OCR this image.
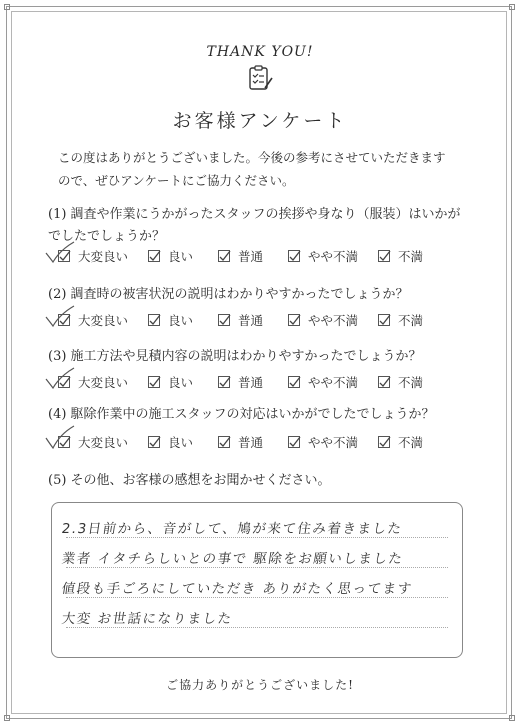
THANK YOU!
お客様アンケート
この度はありがとうございました。今後の参考にさせていただきます
ので、ぜひアンケートにご協力ください。
(1) 調査や作業にうかがったスタッフの挨拶や身なり（服装）はいかが
でしたでしょうか？
大変良い	良い	普通	やや不満	不満
(2) 調査時の被害状況の説明はわかりやすかったでしょうか？
大変良い	良い	普通	やや不満	不満
(3) 施工方法や見積内容の説明はわかりやすかったでしょうか？
大変良い	良い	普通	やや不満	不満
(4) 駆除作業中の施工スタッフの対応はいかがでしたでしょうか？
大変良い	良い	普通	やや不満	不満
(5) その他、お客様の感想をお聞かせください。
2.3日前から、音がして、鳩が来て住み着きました
業者 イタチらしいとの事で 駆除をお願いしました
値段も手ごろにしていただき ありがたく思ってます
大変 お世話になりました
ご協力ありがとうございました!
